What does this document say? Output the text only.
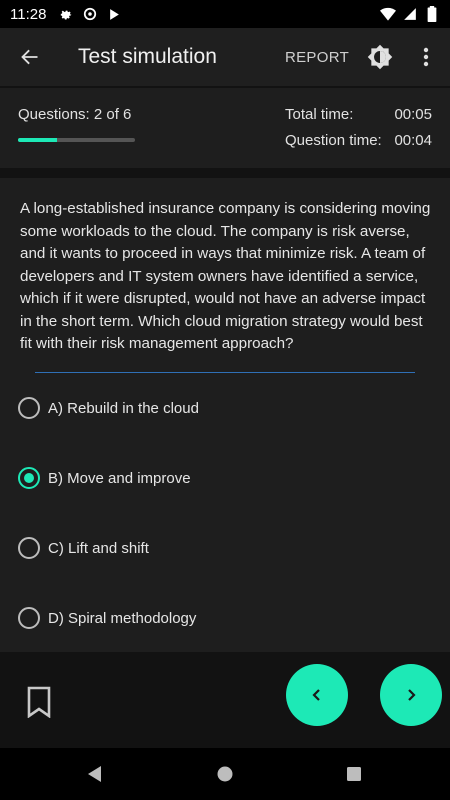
11:28
Test simulation	REPORT
Questions: 2 of 6	Total time:	00:05
Question time: 00:04

A long-established insurance company is considering moving some workloads to the cloud. The company is risk averse, and it wants to proceed in ways that minimize risk. A team of developers and IT system owners have identified a service, which if it were disrupted, would not have an adverse impact in the short term. Which cloud migration strategy would best fit with their risk management approach?

A) Rebuild in the cloud
B) Move and improve
C) Lift and shift
D) Spiral methodology
